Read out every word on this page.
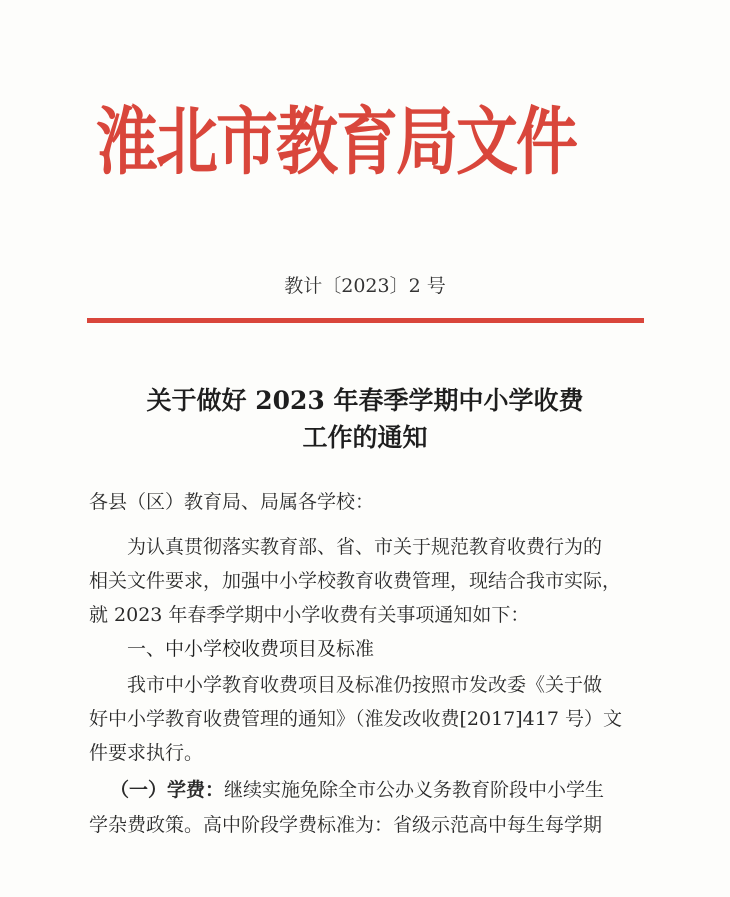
淮北市教育局文件
教计〔2023〕2 号
关于做好 2023 年春季学期中小学收费
工作的通知
各县（区）教育局、局属各学校：
为认真贯彻落实教育部、省、市关于规范教育收费行为的
相关文件要求，加强中小学校教育收费管理，现结合我市实际，
就 2023 年春季学期中小学收费有关事项通知如下：
一、中小学校收费项目及标准
我市中小学教育收费项目及标准仍按照市发改委《关于做
好中小学教育收费管理的通知》（淮发改收费[2017]417 号）文
件要求执行。
（一）学费：继续实施免除全市公办义务教育阶段中小学生
学杂费政策。高中阶段学费标准为：省级示范高中每生每学期
